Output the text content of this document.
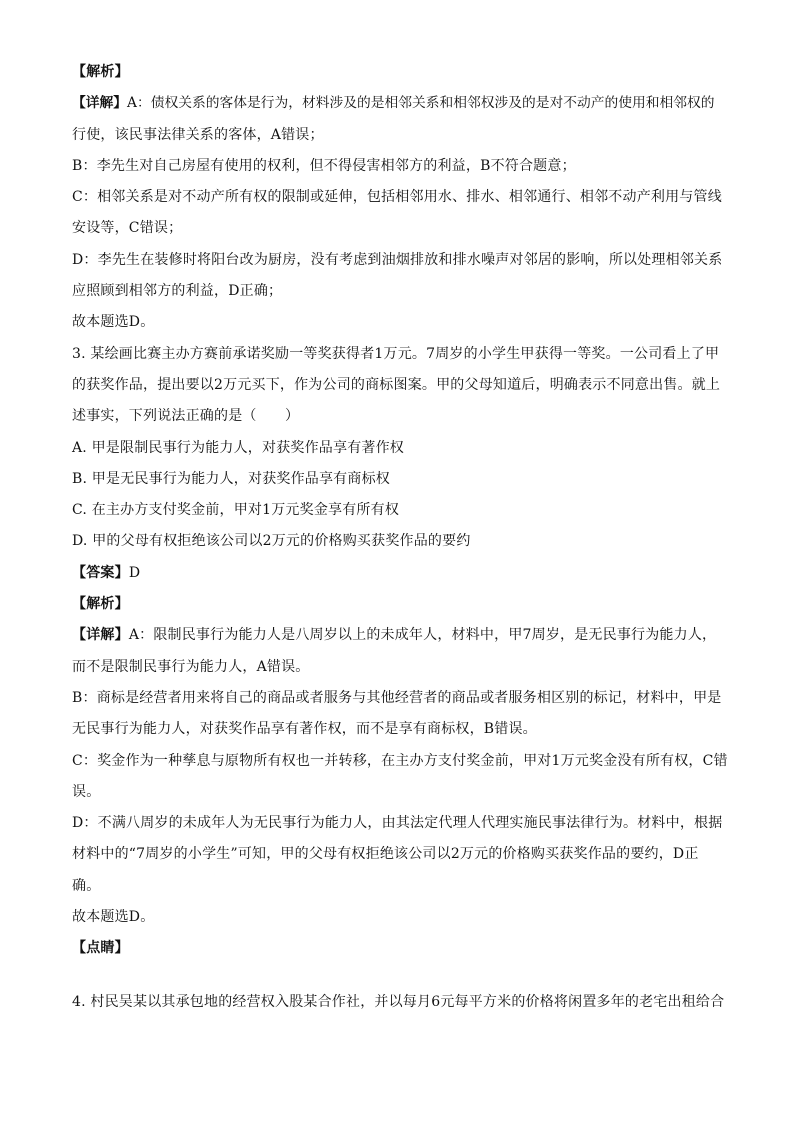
【解析】
【详解】A：债权关系的客体是行为，材料涉及的是相邻关系和相邻权涉及的是对不动产的使用和相邻权的
行使，该民事法律关系的客体，A错误；
B：李先生对自己房屋有使用的权利，但不得侵害相邻方的利益，B不符合题意；
C：相邻关系是对不动产所有权的限制或延伸，包括相邻用水、排水、相邻通行、相邻不动产利用与管线
安设等，C错误；
D：李先生在装修时将阳台改为厨房，没有考虑到油烟排放和排水噪声对邻居的影响，所以处理相邻关系
应照顾到相邻方的利益，D正确；
故本题选D。
3. 某绘画比赛主办方赛前承诺奖励一等奖获得者1万元。7周岁的小学生甲获得一等奖。一公司看上了甲
的获奖作品，提出要以2万元买下，作为公司的商标图案。甲的父母知道后，明确表示不同意出售。就上
述事实，下列说法正确的是（　　）
A. 甲是限制民事行为能力人，对获奖作品享有著作权
B. 甲是无民事行为能力人，对获奖作品享有商标权
C. 在主办方支付奖金前，甲对1万元奖金享有所有权
D. 甲的父母有权拒绝该公司以2万元的价格购买获奖作品的要约
【答案】D
【解析】
【详解】A：限制民事行为能力人是八周岁以上的未成年人，材料中，甲7周岁，是无民事行为能力人，
而不是限制民事行为能力人，A错误。
B：商标是经营者用来将自己的商品或者服务与其他经营者的商品或者服务相区别的标记，材料中，甲是
无民事行为能力人，对获奖作品享有著作权，而不是享有商标权，B错误。
C：奖金作为一种孳息与原物所有权也一并转移，在主办方支付奖金前，甲对1万元奖金没有所有权，C错
误。
D：不满八周岁的未成年人为无民事行为能力人，由其法定代理人代理实施民事法律行为。材料中，根据
材料中的“7周岁的小学生”可知，甲的父母有权拒绝该公司以2万元的价格购买获奖作品的要约，D正
确。
故本题选D。
【点睛】
4. 村民吴某以其承包地的经营权入股某合作社，并以每月6元每平方米的价格将闲置多年的老宅出租给合
